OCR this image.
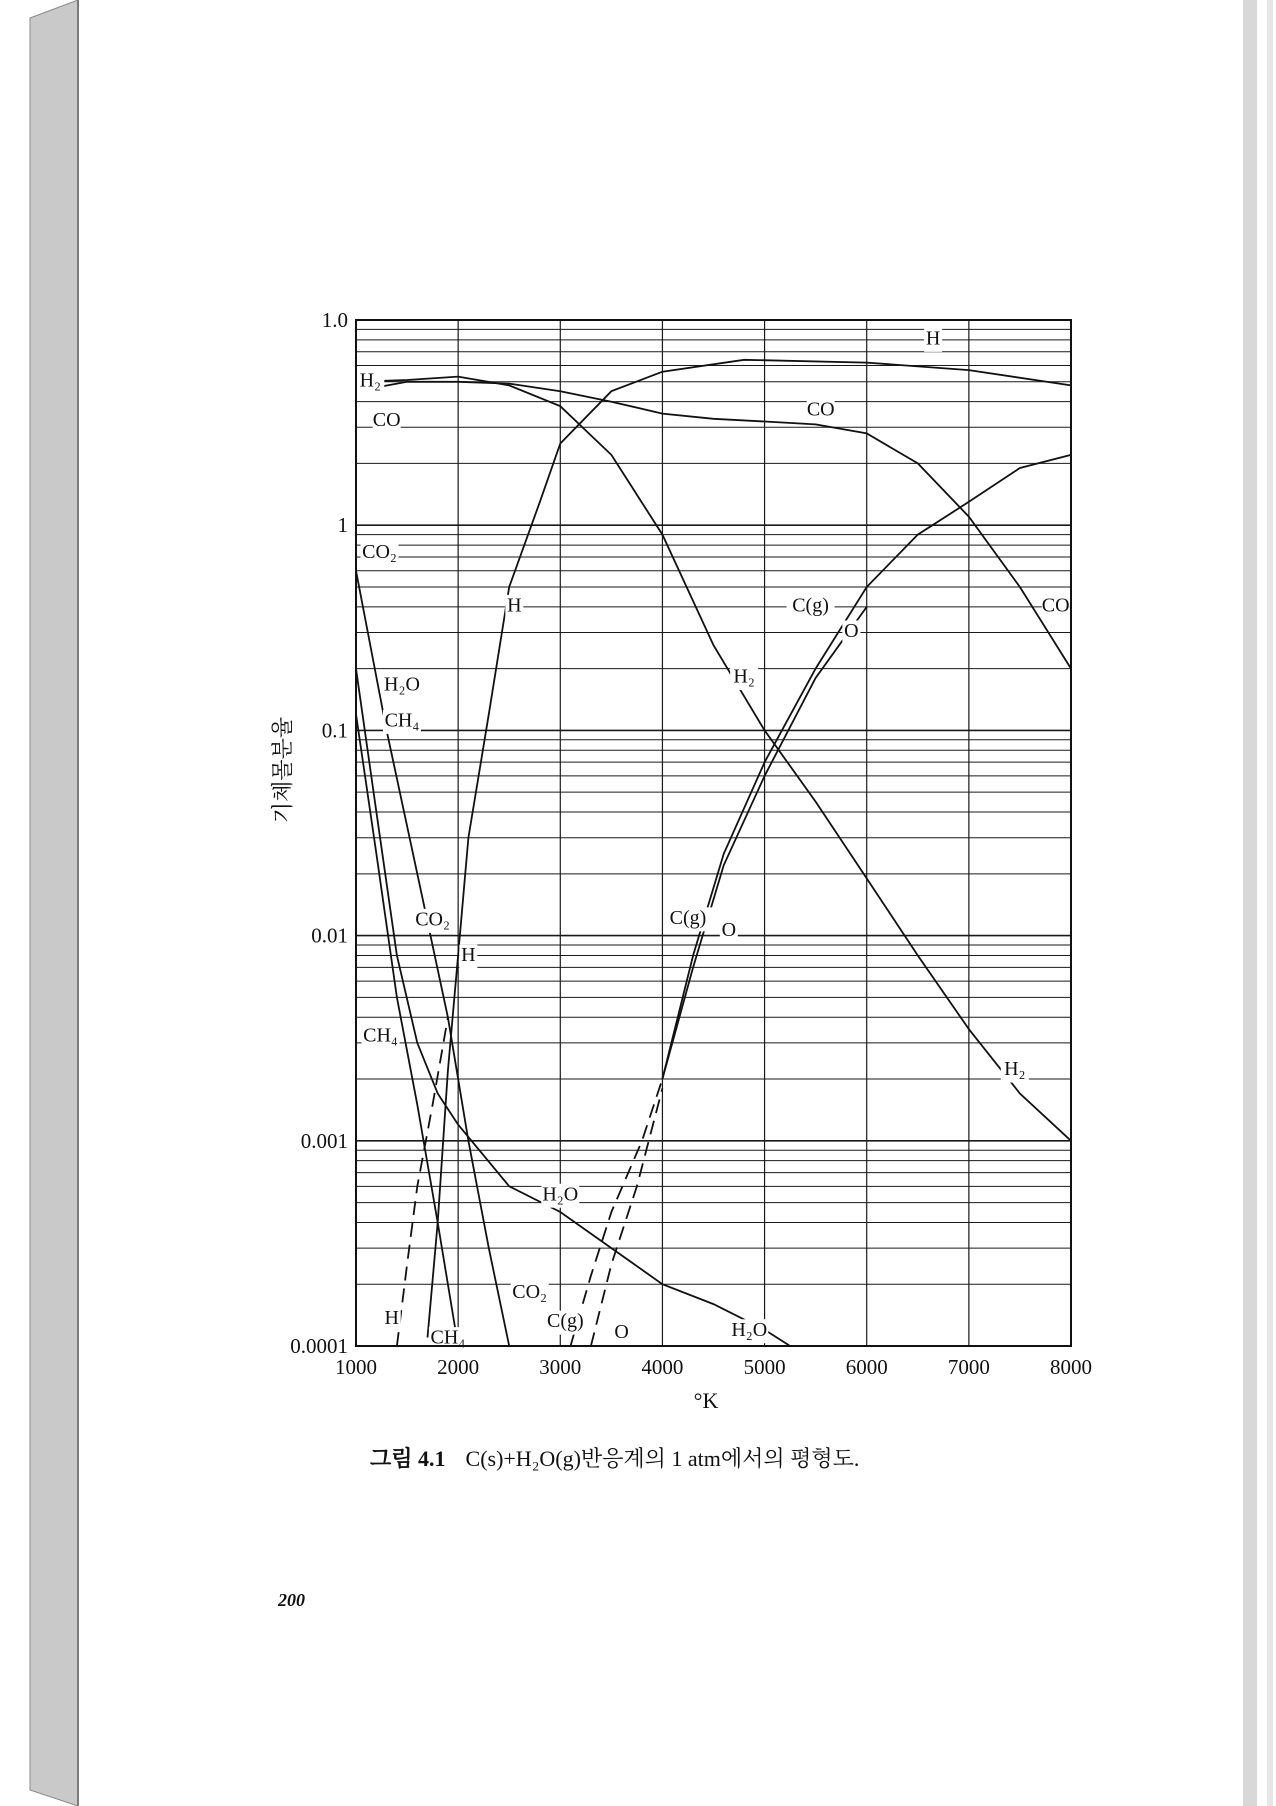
H₂
CO
H
CO
CO₂
H	C(g)
O
CO
H₂
H₂O
CH₄
CO₂
H
C(g)
O
CH₄
H₂
H₂O
CO₂
H
CH₄
C(g) O	H₂O
1000	2000	3000	4000	5000	6000	7000	8000
1.0
1
0.1
0.01
0.001
0.0001
°K
기체몰분율
그림 4.1 C(s)+H₂O(g)반응계의 1 atm에서의 평형도.
200
